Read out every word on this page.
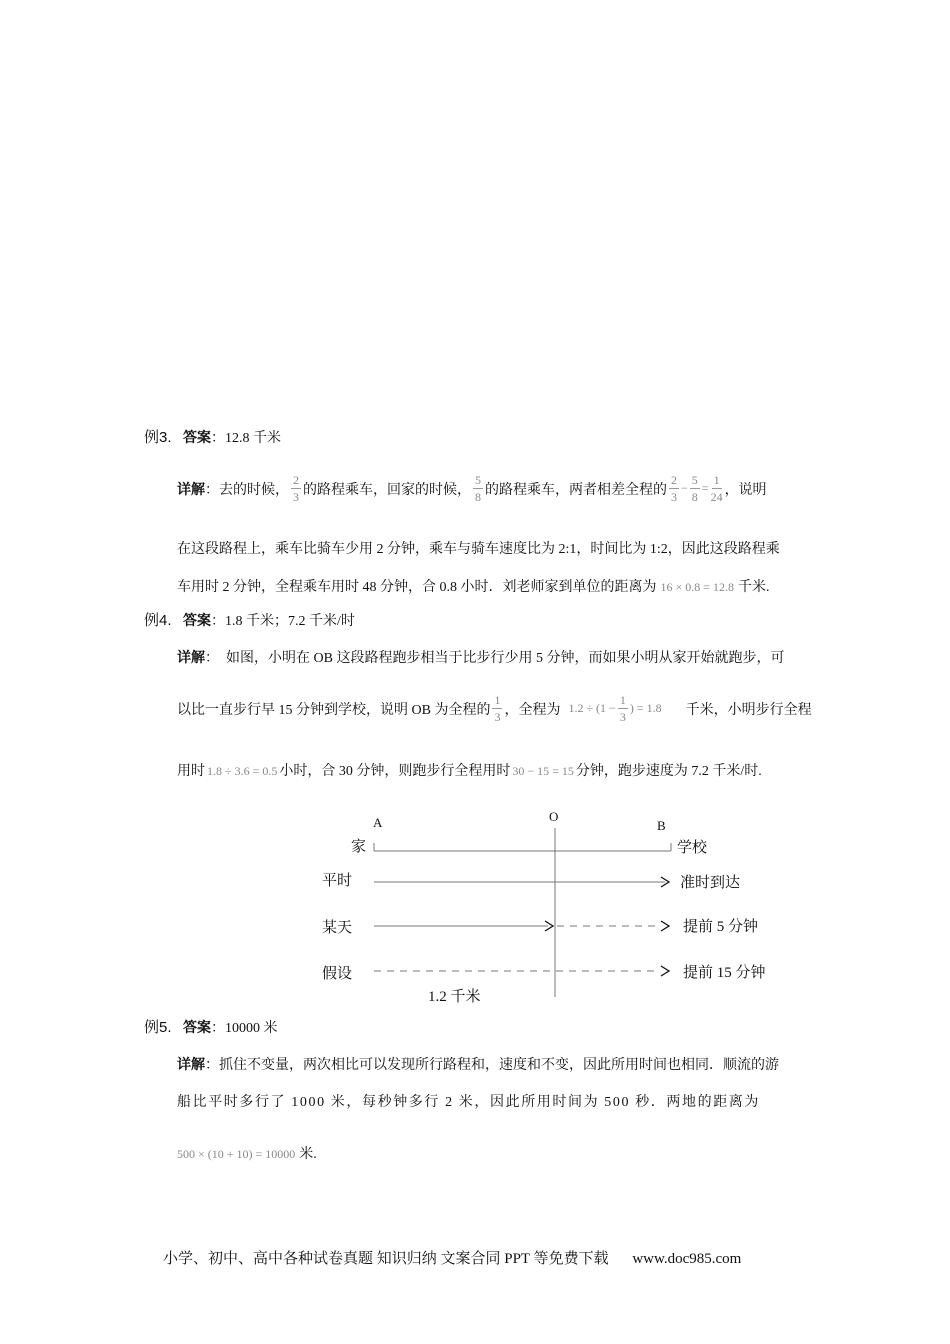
例3. 答案：12.8 千米
详解 ：去的时候， $\frac{2}{3}$ 的路程乘车，回家的时候， $\frac{5}{8}$ 的路程乘车，两者相差全程的 $\frac{2}{3} - \frac{5}{8} = \frac{1}{24}$ ，说明
在这段路程上，乘车比骑车少用 2 分钟，乘车与骑车速度比为 2:1，时间比为 1:2，因此这段路程乘
车用时 2 分钟，全程乘车用时 48 分钟，合 0.8 小时．刘老师家到单位的距离为 16 × 0.8 = 12.8 千米.
例4. 答案：1.8 千米；7.2 千米/时
详解：　如图，小明在 OB 这段路程跑步相当于比步行少用 5 分钟，而如果小明从家开始就跑步，可
以比一直步行早 15 分钟到学校，说明 OB 为全程的 $\frac{1}{3}$ ，全程为 $1.2 \div (1 - \frac{1}{3}$ ) = 1.8 千米，小明步行全程
用时 1.8 ÷ 3.6 = 0.5 小时，合 30 分钟，则跑步行全程用时 30 − 15 = 15 分钟，跑步速度为 7.2 千米/时.
A	O
B
家	学校
平时	准时到达
某天	提前 5 分钟
假设	提前 15 分钟
1.2 千米
例5. 答案：10000 米
详解：抓住不变量，两次相比可以发现所行路程和，速度和不变，因此所用时间也相同．顺流的游
船比平时多行了 1000 米，每秒钟多行 2 米，因此所用时间为 500 秒．两地的距离为
500 × (10 + 10) = 10000 米.
小学、初中、高中各种试卷真题 知识归纳 文案合同 PPT 等免费下载 www.doc985.com
